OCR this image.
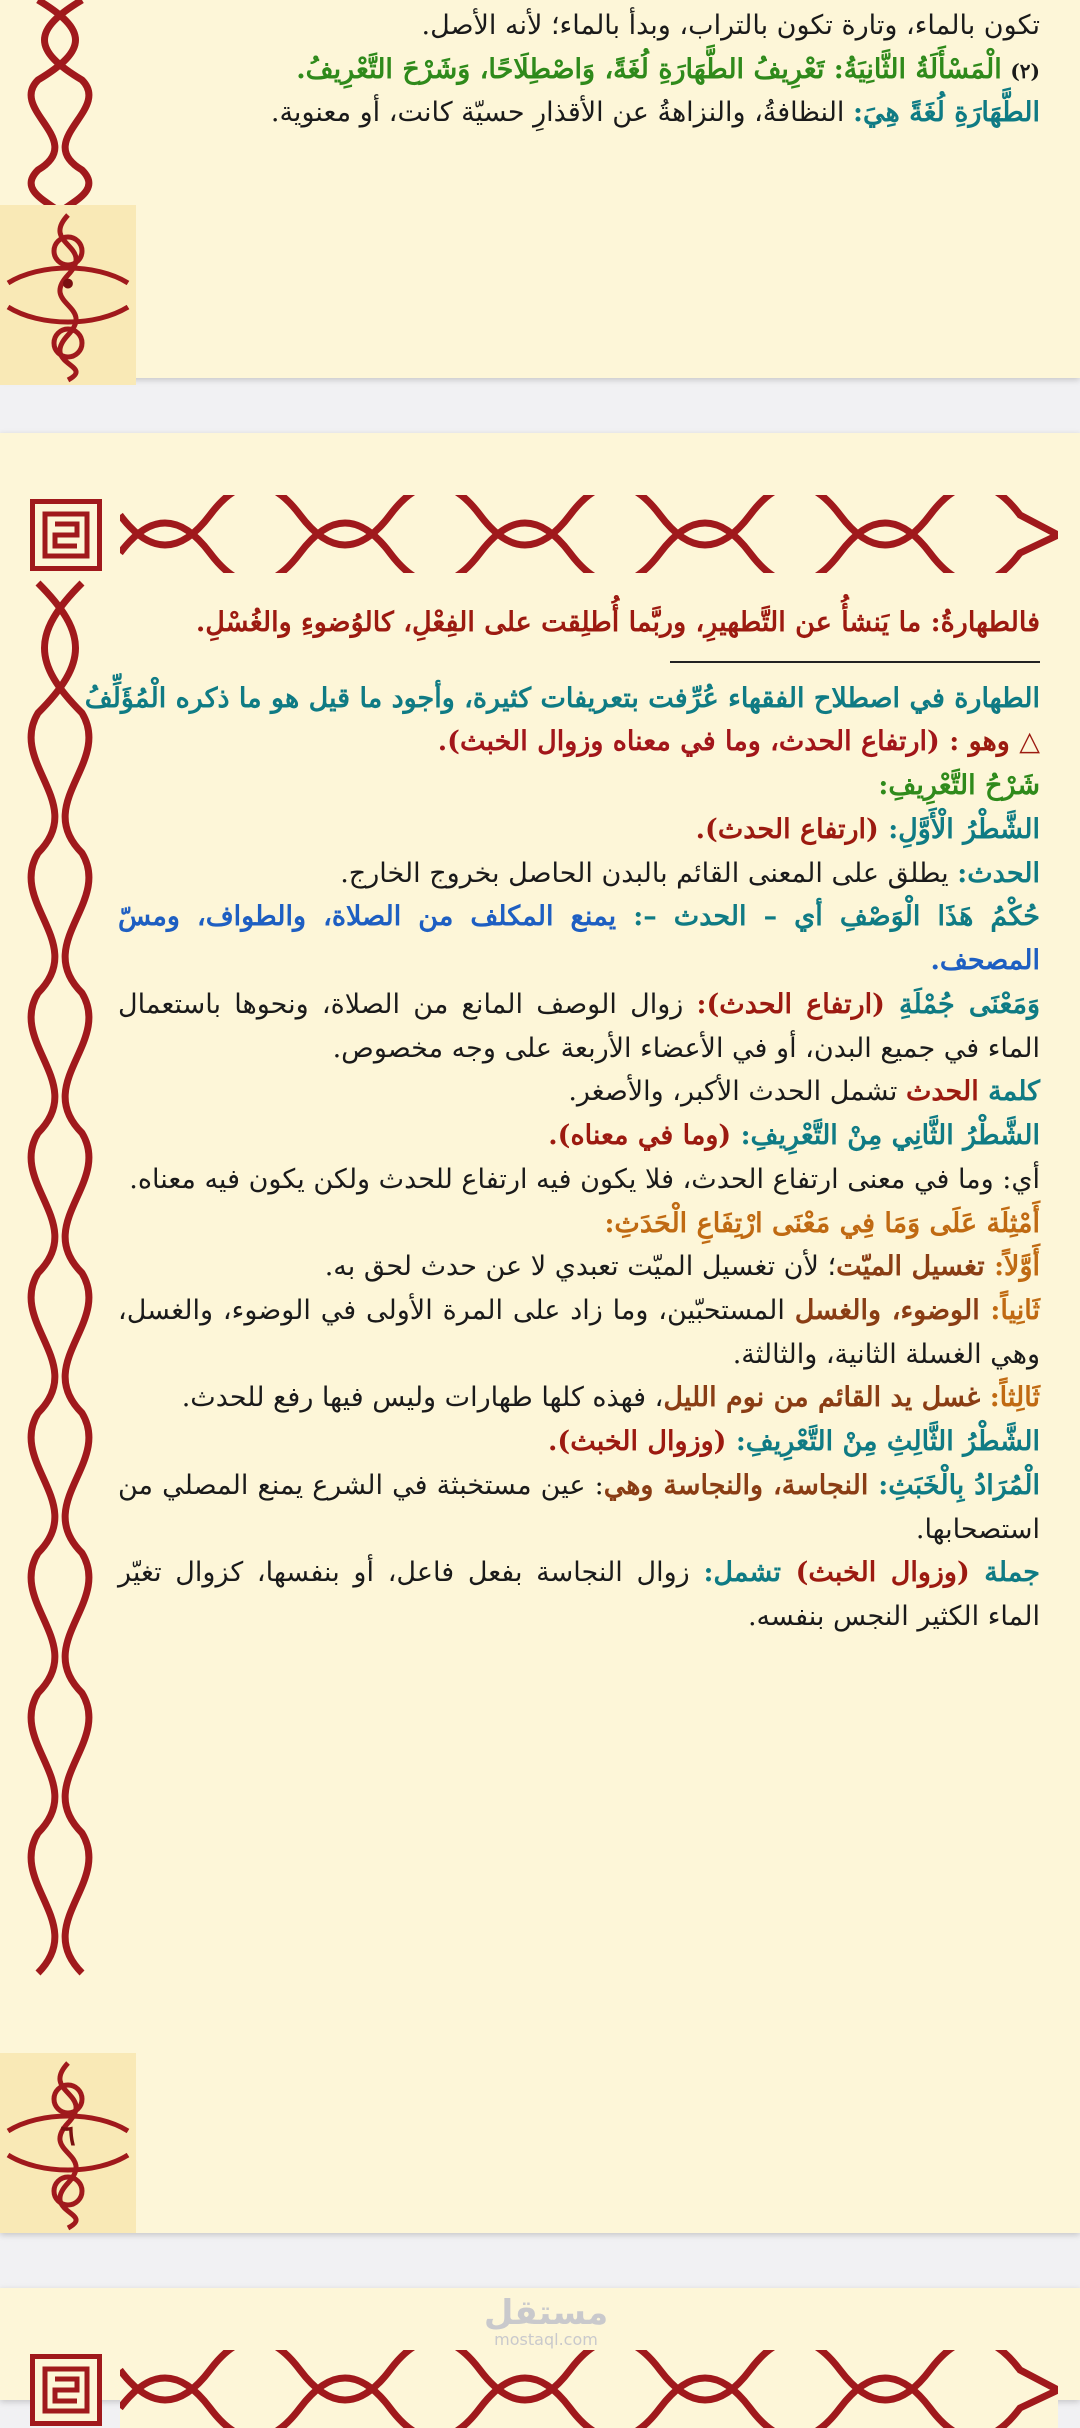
•
تكون بالماء، وتارة تكون بالتراب، وبدأ بالماء؛ لأنه الأصل.
(٢) الْمَسْأَلَةُ الثَّانِيَةُ: تَعْرِيفُ الطَّهَارَةِ لُغَةً، وَاصْطِلَاحًا، وَشَرْحَ التَّعْرِيفُ.
الطَّهَارَةِ لُغَةً هِيَ: النظافةُ، والنزاهةُ عن الأقذارِ حسيّة كانت، أو معنوية.
٦
فالطهارةُ: ما يَنشأُ عن التَّطهيرِ، وربَّما أُطلِقت على الفِعْلِ، كالوُضوءِ والغُسْلِ.
الطهارة في اصطلاح الفقهاء عُرِّفت بتعريفات كثيرة، وأجود ما قيل هو ما ذكره الْمُؤَلِّفُ
△ وهو : (ارتفاع الحدث، وما في معناه وزوال الخبث).
شَرْحُ التَّعْرِيفِ:
الشَّطْرُ الْأَوَّلِ: (ارتفاع الحدث).
الحدث: يطلق على المعنى القائم بالبدن الحاصل بخروج الخارج.
حُكْمُ هَذَا الْوَصْفِ أي – الحدث –: يمنع المكلف من الصلاة، والطواف، ومسّ المصحف.
وَمَعْنَى جُمْلَةِ (ارتفاع الحدث): زوال الوصف المانع من الصلاة، ونحوها باستعمال الماء في جميع البدن، أو في الأعضاء الأربعة على وجه مخصوص.
كلمة الحدث تشمل الحدث الأكبر، والأصغر.
الشَّطْرُ الثَّانِي مِنْ التَّعْرِيفِ: (وما في معناه).
أي: وما في معنى ارتفاع الحدث، فلا يكون فيه ارتفاع للحدث ولكن يكون فيه معناه.
أَمْثِلَة عَلَى وَمَا فِي مَعْنَى ارْتِفَاعِ الْحَدَثِ:
أَوَّلاً: تغسيل الميّت؛ لأن تغسيل الميّت تعبدي لا عن حدث لحق به.
ثَانِياً: الوضوء، والغسل المستحبّين، وما زاد على المرة الأولى في الوضوء، والغسل، وهي الغسلة الثانية، والثالثة.
ثَالِثاً: غسل يد القائم من نوم الليل، فهذه كلها طهارات وليس فيها رفع للحدث.
الشَّطْرُ الثَّالِثِ مِنْ التَّعْرِيفِ: (وزوال الخبث).
الْمُرَادُ بِالْخَبَثِ: النجاسة، والنجاسة وهي: عين مستخبثة في الشرع يمنع المصلي من استصحابها.
جملة (وزوال الخبث) تشمل: زوال النجاسة بفعل فاعل، أو بنفسها، كزوال تغيّر الماء الكثير النجس بنفسه.
مستقل
mostaql.com
